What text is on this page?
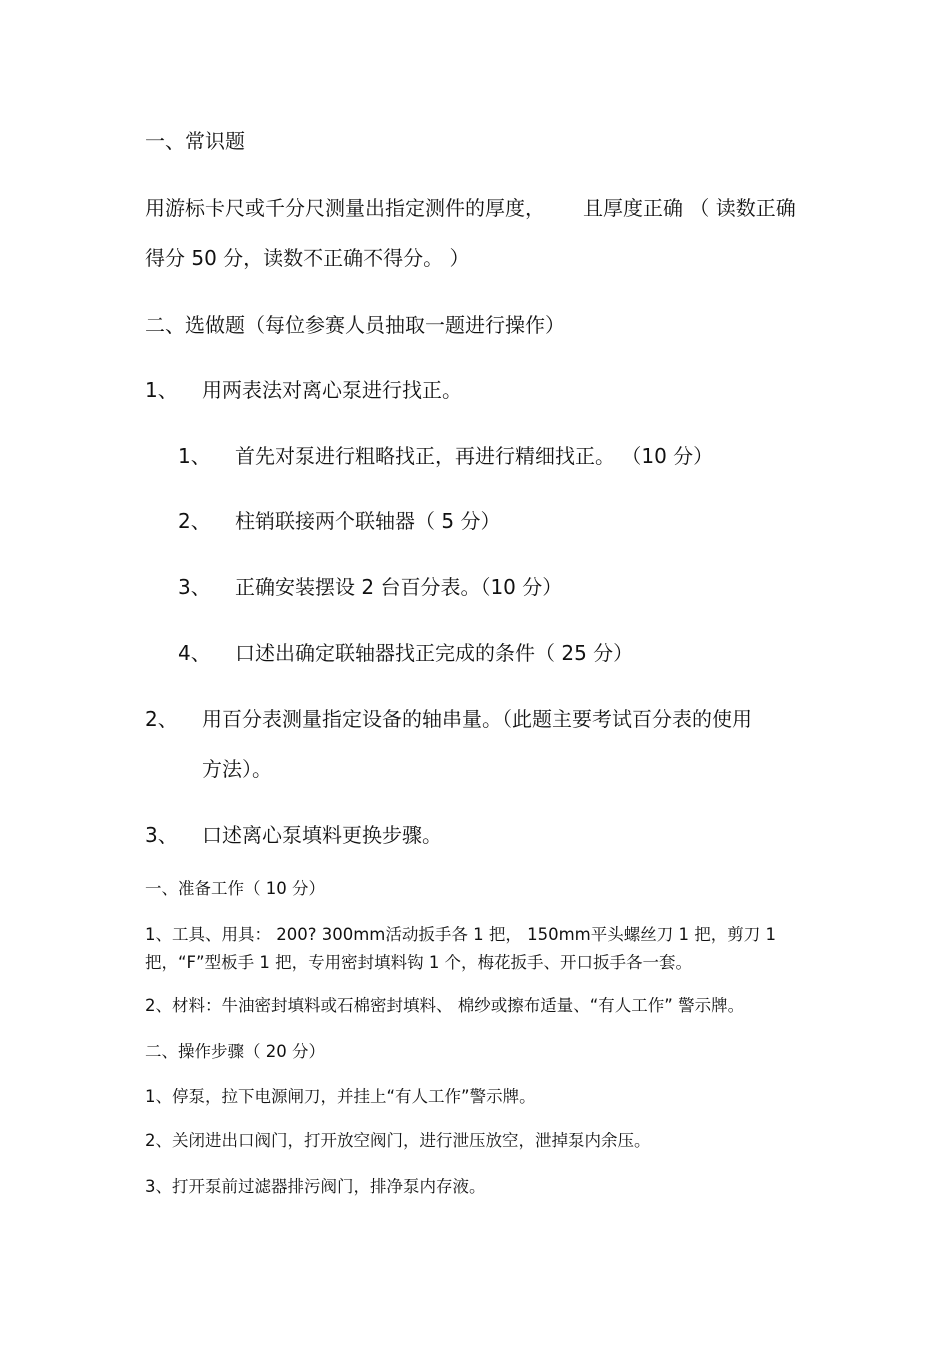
一、常识题
用游标卡尺或千分尺测量出指定测件的厚度， 且厚度正确 （ 读数正确
得分 50 分，读数不正确不得分。 ）
二、选做题（每位参赛人员抽取一题进行操作）
1、 用两表法对离心泵进行找正。
1、 首先对泵进行粗略找正，再进行精细找正。 （10 分）
2、 柱销联接两个联轴器（ 5 分）
3、 正确安装摆设 2 台百分表。（10 分）
4、 口述出确定联轴器找正完成的条件（ 25 分）
2、 用百分表测量指定设备的轴串量。（此题主要考试百分表的使用
方法）。
3、 口述离心泵填料更换步骤。
一、准备工作（ 10 分）
1、工具、用具： 200? 300mm活动扳手各 1 把， 150mm平头螺丝刀 1 把，剪刀 1
把，“F”型板手 1 把，专用密封填料钩 1 个，梅花扳手、开口扳手各一套。
2、材料：牛油密封填料或石棉密封填料、 棉纱或擦布适量、“有人工作” 警示牌。
二、操作步骤（ 20 分）
1、停泵，拉下电源闸刀，并挂上“有人工作”警示牌。
2、关闭进出口阀门，打开放空阀门，进行泄压放空，泄掉泵内余压。
3、打开泵前过滤器排污阀门，排净泵内存液。
